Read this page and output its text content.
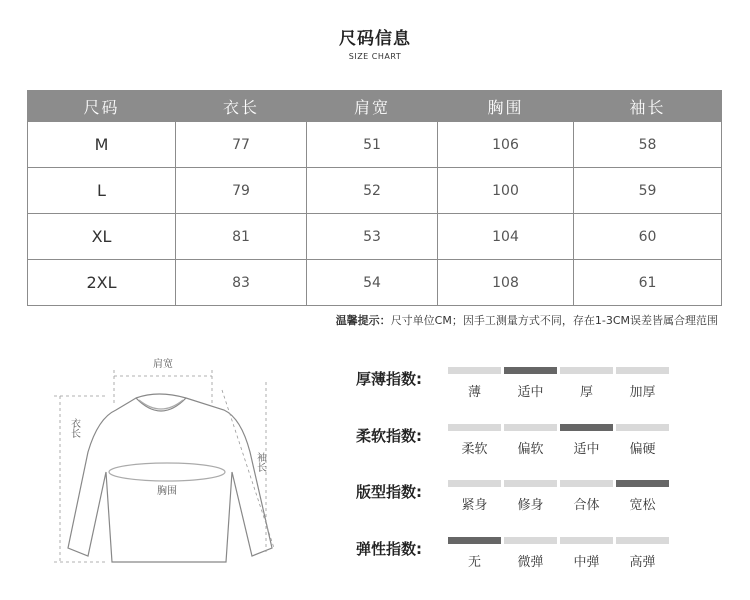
尺码信息
SIZE CHART
尺码	衣长	肩宽	胸围	袖长
M	77	51	106	58
L	79	52	100	59
XL	81	53	104	60
2XL	83	54	108	61
温馨提示：尺寸单位CM；因手工测量方式不同，存在1-3CM误差皆属合理范围
肩宽
衣长
胸围
袖长
厚薄指数:
薄	适中	厚	加厚
柔软指数:
柔软	偏软	适中	偏硬
版型指数:
紧身	修身	合体	宽松
弹性指数:
无	微弹	中弹	高弹
